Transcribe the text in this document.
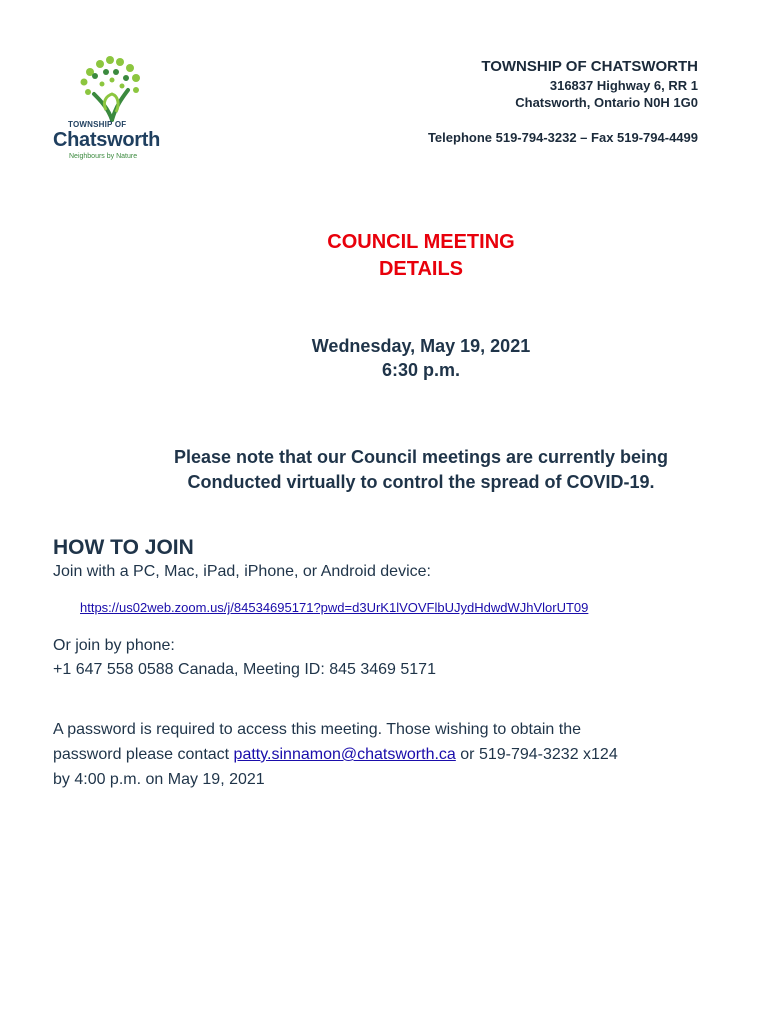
TOWNSHIP OF
Chatsworth
Neighbours by Nature
TOWNSHIP OF CHATSWORTH
316837 Highway 6, RR 1
Chatsworth, Ontario N0H 1G0
Telephone 519-794-3232 – Fax 519-794-4499
COUNCIL MEETING
DETAILS
Wednesday, May 19, 2021
6:30 p.m.
Please note that our Council meetings are currently being
Conducted virtually to control the spread of COVID-19.
HOW TO JOIN
Join with a PC, Mac, iPad, iPhone, or Android device:
https://us02web.zoom.us/j/84534695171?pwd=d3UrK1lVOVFlbUJydHdwdWJhVlorUT09
Or join by phone:
+1 647 558 0588 Canada, Meeting ID: 845 3469 5171
A password is required to access this meeting. Those wishing to obtain the
password please contact patty.sinnamon@chatsworth.ca or 519-794-3232 x124
by 4:00 p.m. on May 19, 2021
